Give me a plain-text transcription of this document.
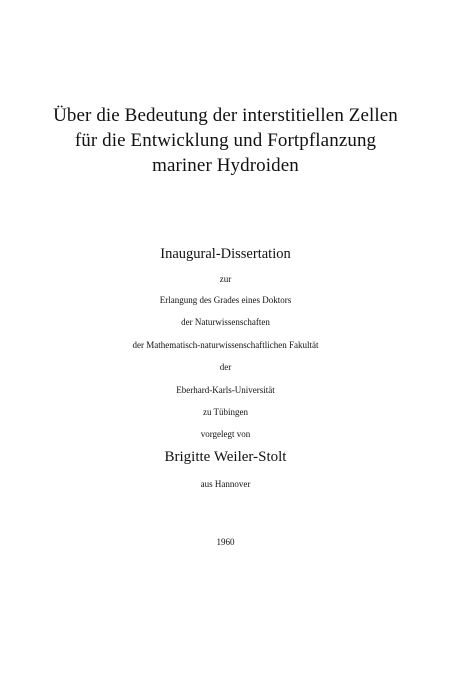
Über die Bedeutung der interstitiellen Zellen
für die Entwicklung und Fortpflanzung
mariner Hydroiden
Inaugural-Dissertation
zur
Erlangung des Grades eines Doktors
der Naturwissenschaften
der Mathematisch-naturwissenschaftlichen Fakultät
der
Eberhard-Karls-Universität
zu Tübingen
vorgelegt von
Brigitte Weiler-Stolt
aus Hannover
1960
